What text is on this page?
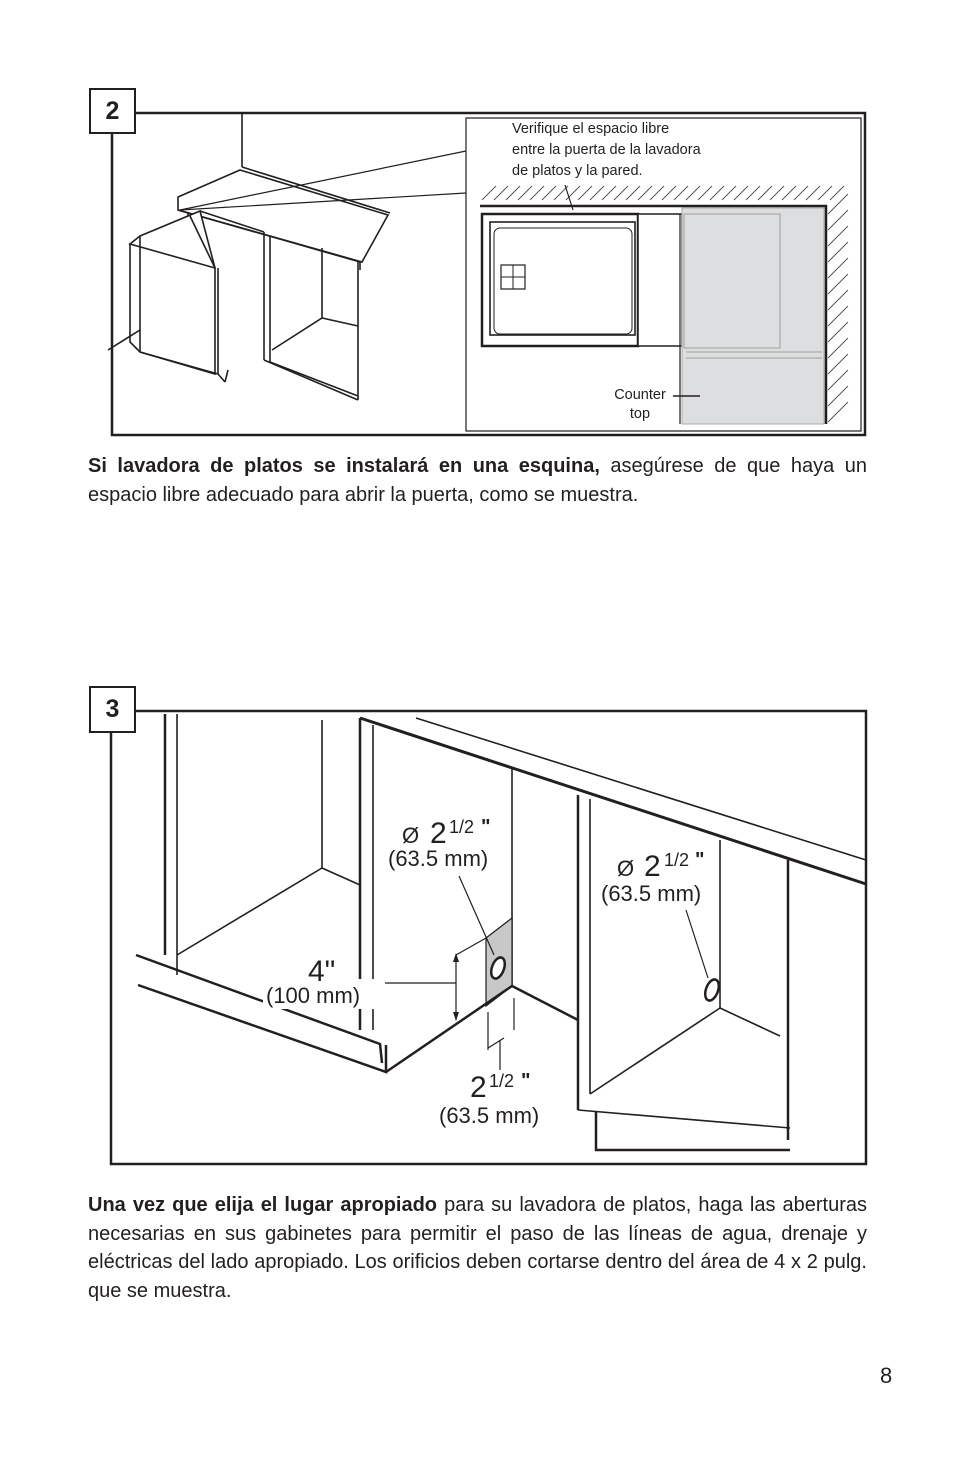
Verifique el espacio libre
entre la puerta de la lavadora
de platos y la pared.
Counter
top
2

Si lavadora de platos se instalará en una esquina, asegúrese de que haya un espacio libre adecuado para abrir la puerta, como se muestra.

Ø 2 1/2 "
(63.5 mm)	Ø 2 1/2 "
(63.5 mm)
4"
(100 mm)
2 1/2 "
(63.5 mm)
3

Una vez que elija el lugar apropiado para su lavadora de platos, haga las aberturas necesarias en sus gabinetes para permitir el paso de las líneas de agua, drenaje y eléctricas del lado apropiado. Los orificios deben cortarse dentro del área de 4 x 2 pulg. que se muestra.

8
